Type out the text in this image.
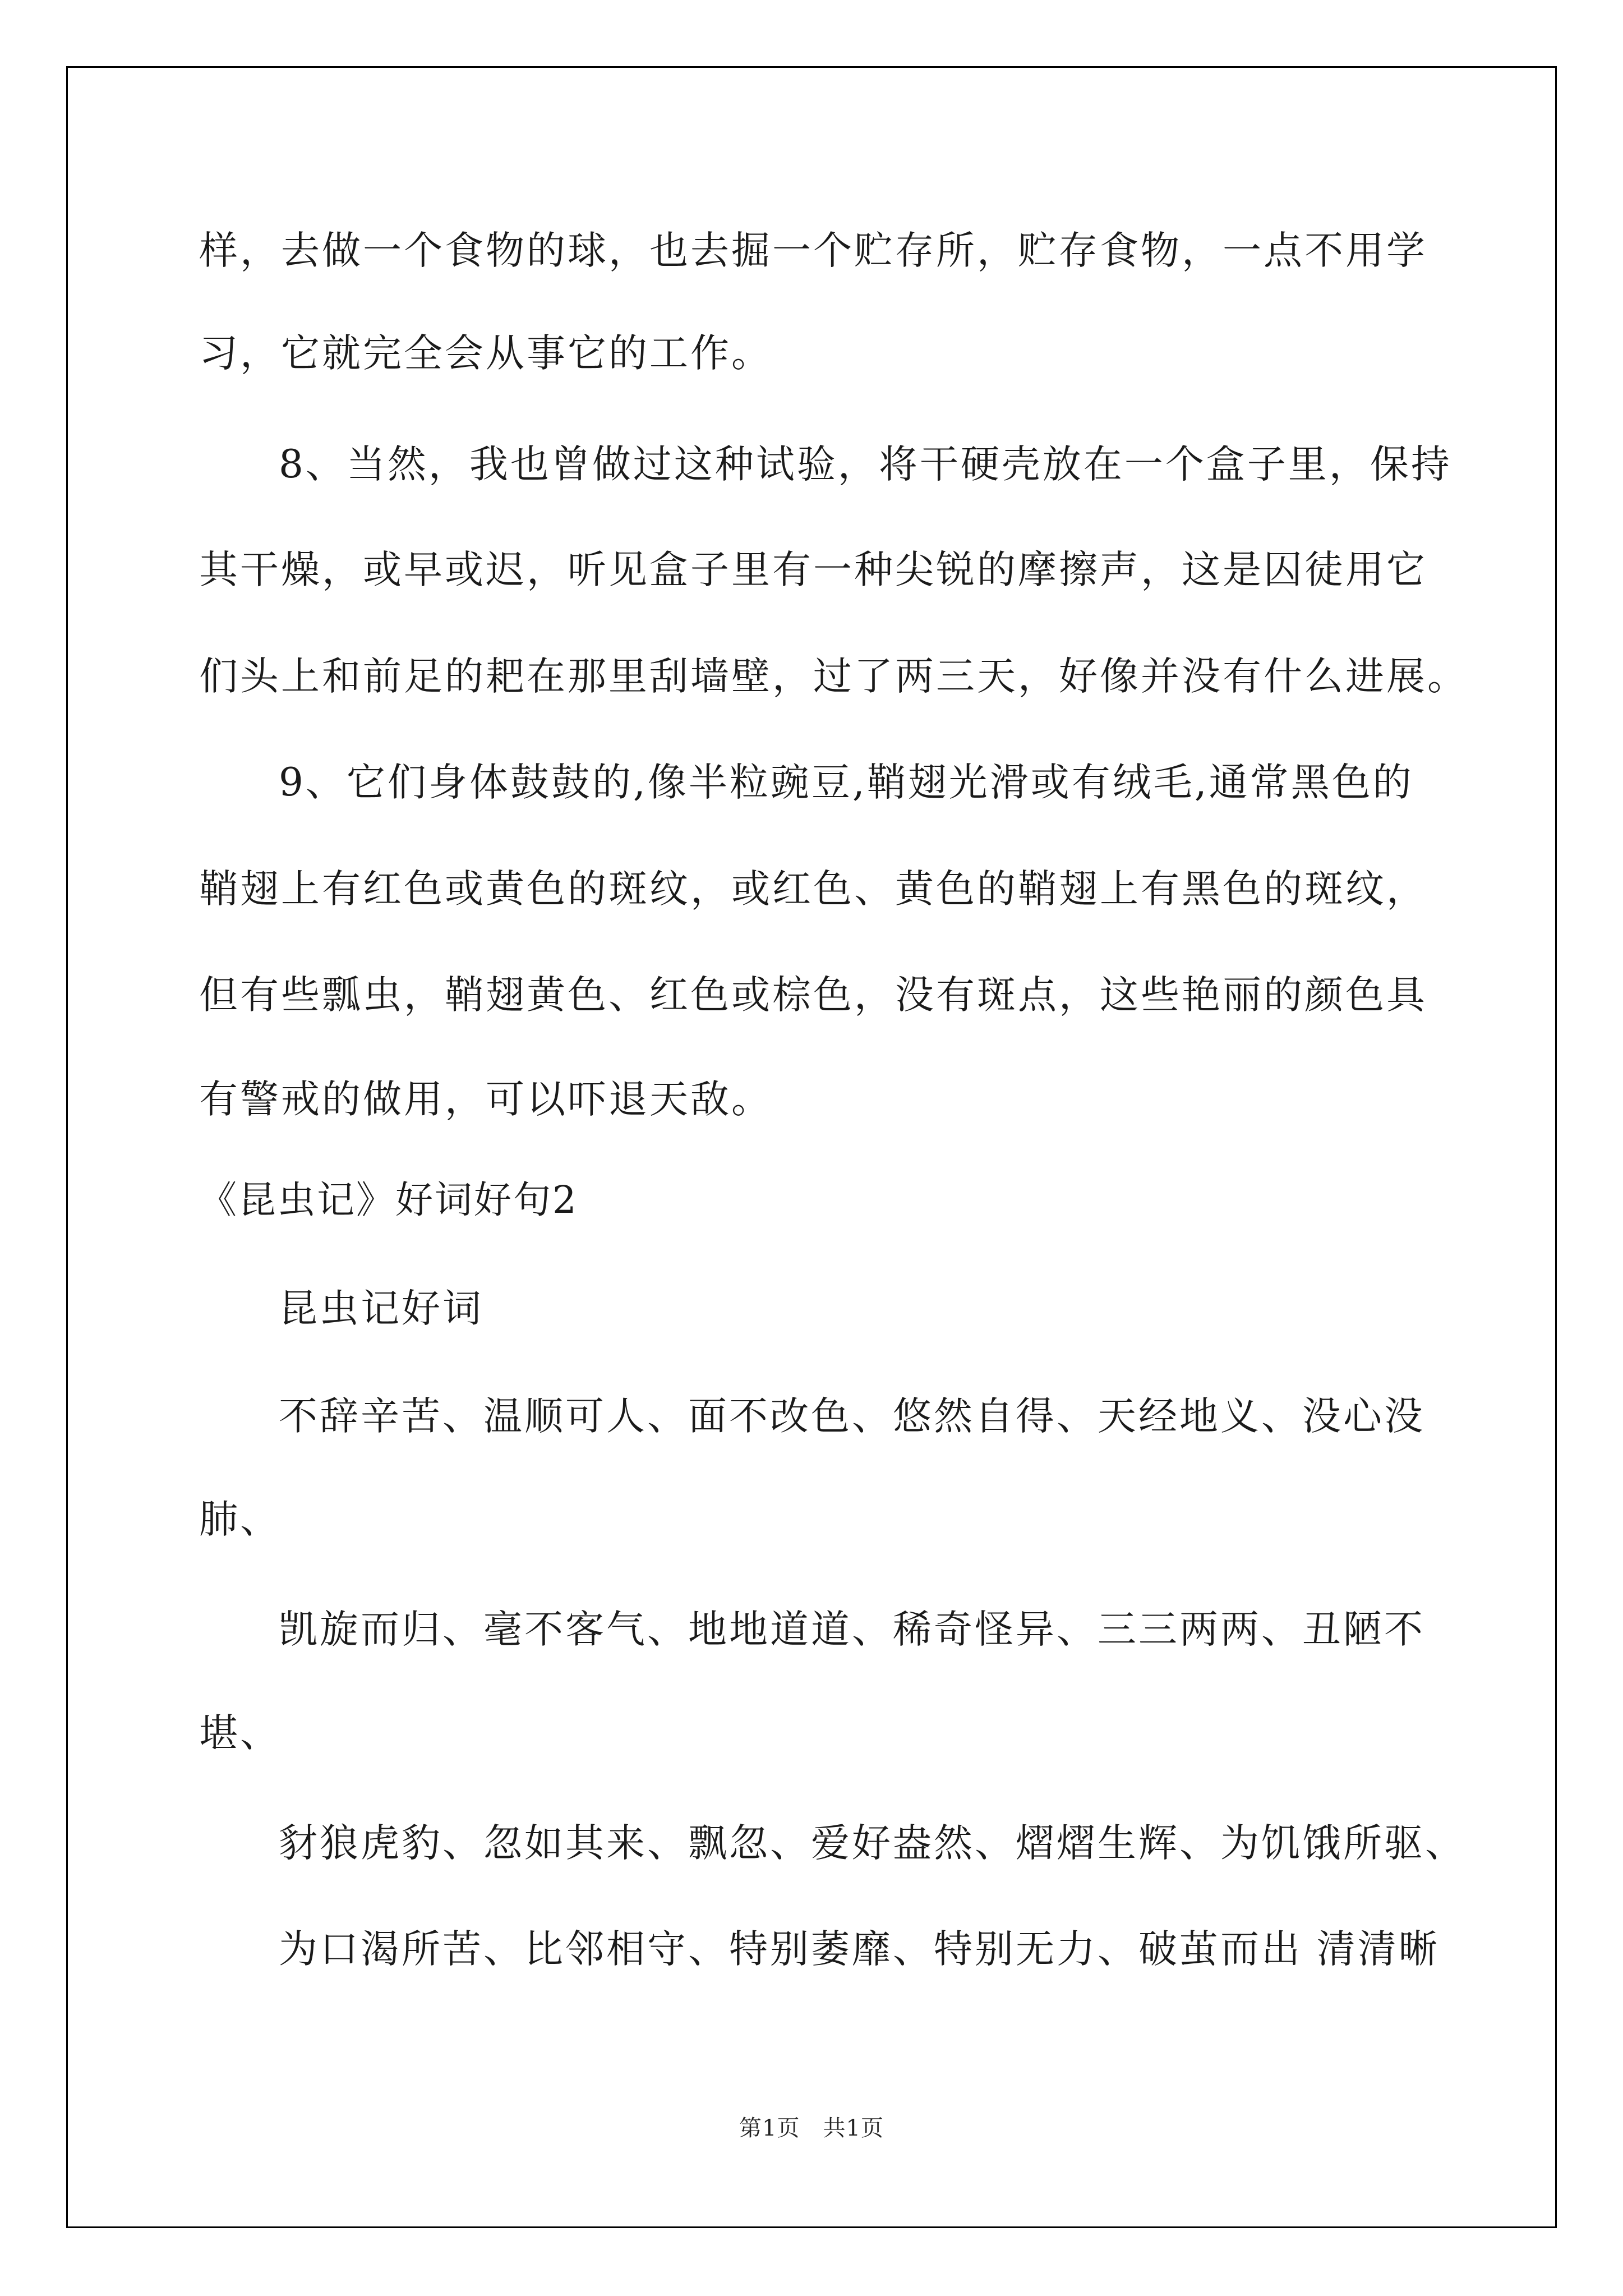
样，去做一个食物的球，也去掘一个贮存所，贮存食物，一点不用学
习，它就完全会从事它的工作。
8、当然，我也曾做过这种试验，将干硬壳放在一个盒子里，保持
其干燥，或早或迟，听见盒子里有一种尖锐的摩擦声，这是囚徒用它
们头上和前足的耙在那里刮墙壁，过了两三天，好像并没有什么进展。
9、它们身体鼓鼓的,像半粒豌豆,鞘翅光滑或有绒毛,通常黑色的
鞘翅上有红色或黄色的斑纹，或红色、黄色的鞘翅上有黑色的斑纹，
但有些瓢虫，鞘翅黄色、红色或棕色，没有斑点，这些艳丽的颜色具
有警戒的做用，可以吓退天敌。
《昆虫记》好词好句2
昆虫记好词
不辞辛苦、温顺可人、面不改色、悠然自得、天经地义、没心没
肺、
凯旋而归、毫不客气、地地道道、稀奇怪异、三三两两、丑陋不
堪、
豺狼虎豹、忽如其来、飘忽、爱好盎然、熠熠生辉、为饥饿所驱、
为口渴所苦、比邻相守、特别萎靡、特别无力、破茧而出 清清晰
第1页　共1页
